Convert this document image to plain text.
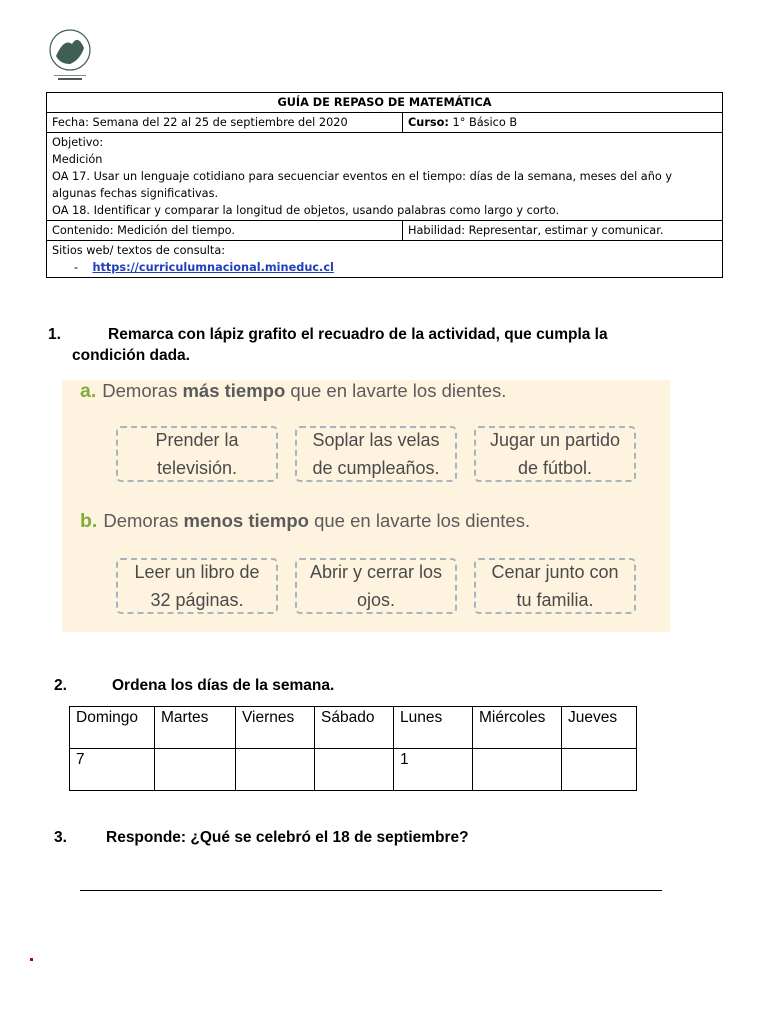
GUÍA DE REPASO DE MATEMÁTICA	
Fecha: Semana del 22 al 25 de septiembre del 2020	Curso: 1° Básico B

Objetivo:
Medición
OA 17. Usar un lenguaje cotidiano para secuenciar eventos en el tiempo: días de la semana, meses del año y algunas fechas significativas.
OA 18. Identificar y comparar la longitud de objetos, usando palabras como largo y corto.	

Contenido: Medición del tiempo.	Habilidad: Representar, estimar y comunicar.

Sitios web/ textos de consulta:
- https://curriculumnacional.mineduc.cl	
1.	Remarca con lápiz grafito el recuadro de la actividad, que cumpla la
condición dada.
a. Demoras más tiempo que en lavarte los dientes.
Prender la televisión.
Soplar las velas de cumpleaños.
Jugar un partido de fútbol.
b. Demoras menos tiempo que en lavarte los dientes.
Leer un libro de 32 páginas.
Abrir y cerrar los ojos.
Cenar junto con tu familia.
2.	Ordena los días de la semana.
Domingo	Martes	Viernes	Sábado	Lunes	Miércoles	Jueves
7				1		
3.	Responde: ¿Qué se celebró el 18 de septiembre?
